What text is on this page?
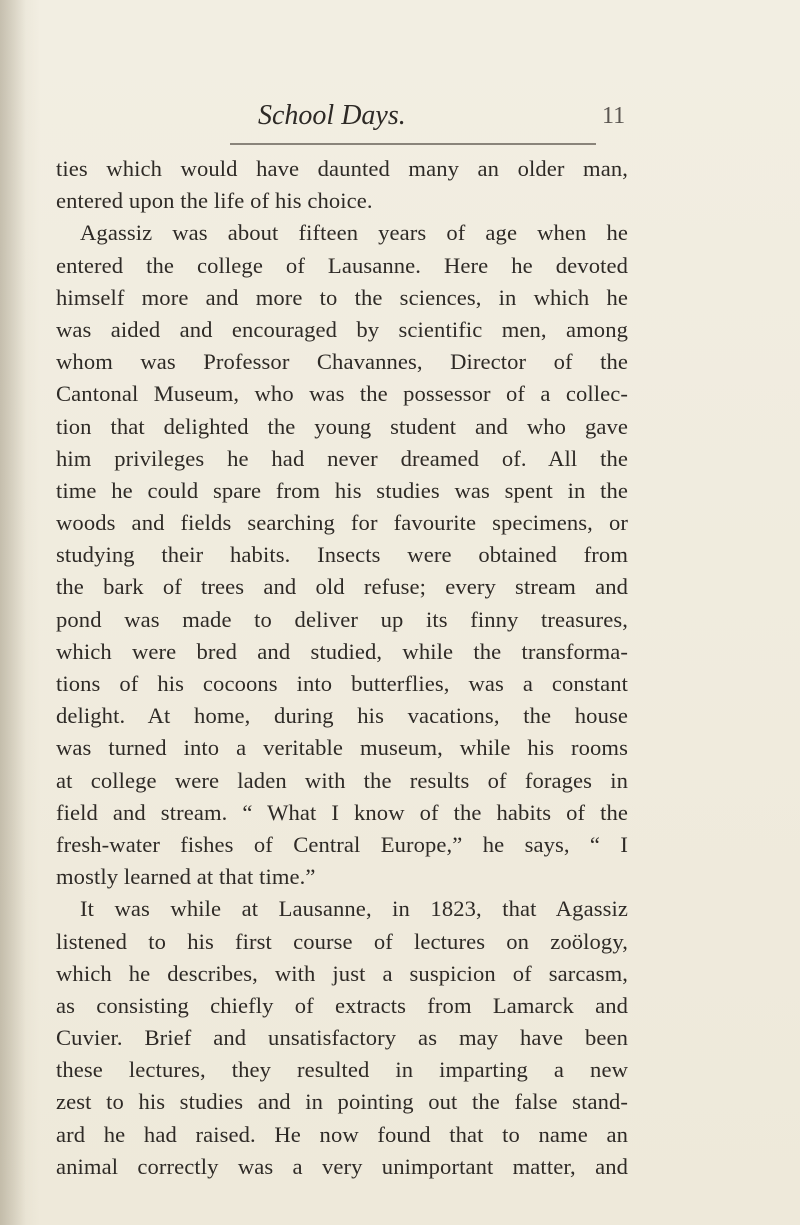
School Days.	11
ties which would have daunted many an older man,
entered upon the life of his choice.
Agassiz was about fifteen years of age when he
entered the college of Lausanne. Here he devoted
himself more and more to the sciences, in which he
was aided and encouraged by scientific men, among
whom was Professor Chavannes, Director of the
Cantonal Museum, who was the possessor of a collec-
tion that delighted the young student and who gave
him privileges he had never dreamed of. All the
time he could spare from his studies was spent in the
woods and fields searching for favourite specimens, or
studying their habits. Insects were obtained from
the bark of trees and old refuse; every stream and
pond was made to deliver up its finny treasures,
which were bred and studied, while the transforma-
tions of his cocoons into butterflies, was a constant
delight. At home, during his vacations, the house
was turned into a veritable museum, while his rooms
at college were laden with the results of forages in
field and stream. “ What I know of the habits of the
fresh-water fishes of Central Europe,” he says, “ I
mostly learned at that time.”
It was while at Lausanne, in 1823, that Agassiz
listened to his first course of lectures on zoölogy,
which he describes, with just a suspicion of sarcasm,
as consisting chiefly of extracts from Lamarck and
Cuvier. Brief and unsatisfactory as may have been
these lectures, they resulted in imparting a new
zest to his studies and in pointing out the false stand-
ard he had raised. He now found that to name an
animal correctly was a very unimportant matter, and
